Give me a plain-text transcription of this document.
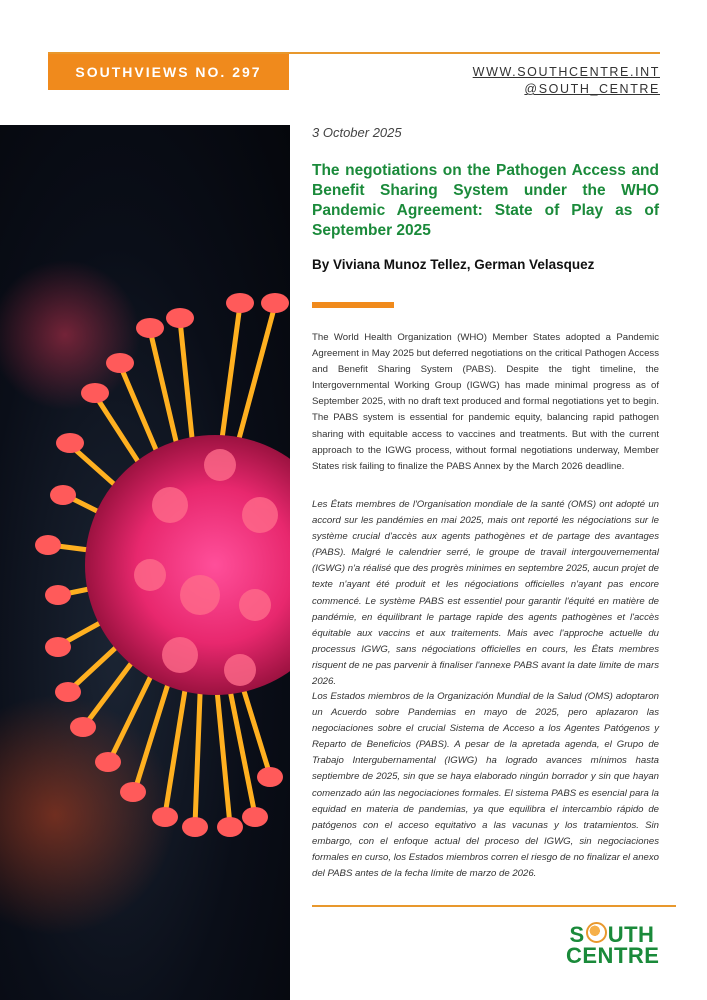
SOUTHVIEWS NO. 297	WWW.SOUTHCENTRE.INT
@SOUTH_CENTRE
3 October 2025
The negotiations on the Pathogen Access and Benefit Sharing System under the WHO Pandemic Agreement: State of Play as of September 2025
By Viviana Munoz Tellez, German Velasquez
The World Health Organization (WHO) Member States adopted a Pandemic Agreement in May 2025 but deferred negotiations on the critical Pathogen Access and Benefit Sharing System (PABS). Despite the tight timeline, the Intergovernmental Working Group (IGWG) has made minimal progress as of September 2025, with no draft text produced and formal negotiations yet to begin. The PABS system is essential for pandemic equity, balancing rapid pathogen sharing with equitable access to vaccines and treatments. But with the current approach to the IGWG process, without formal negotiations underway, Member States risk failing to finalize the PABS Annex by the March 2026 deadline.
Les États membres de l'Organisation mondiale de la santé (OMS) ont adopté un accord sur les pandémies en mai 2025, mais ont reporté les négociations sur le système crucial d'accès aux agents pathogènes et de partage des avantages (PABS). Malgré le calendrier serré, le groupe de travail intergouvernemental (IGWG) n'a réalisé que des progrès minimes en septembre 2025, aucun projet de texte n'ayant été produit et les négociations officielles n'ayant pas encore commencé. Le système PABS est essentiel pour garantir l'équité en matière de pandémie, en équilibrant le partage rapide des agents pathogènes et l'accès équitable aux vaccins et aux traitements. Mais avec l'approche actuelle du processus IGWG, sans négociations officielles en cours, les États membres risquent de ne pas parvenir à finaliser l'annexe PABS avant la date limite de mars 2026.
Los Estados miembros de la Organización Mundial de la Salud (OMS) adoptaron un Acuerdo sobre Pandemias en mayo de 2025, pero aplazaron las negociaciones sobre el crucial Sistema de Acceso a los Agentes Patógenos y Reparto de Beneficios (PABS). A pesar de la apretada agenda, el Grupo de Trabajo Intergubernamental (IGWG) ha logrado avances mínimos hasta septiembre de 2025, sin que se haya elaborado ningún borrador y sin que hayan comenzado aún las negociaciones formales. El sistema PABS es esencial para la equidad en materia de pandemias, ya que equilibra el intercambio rápido de patógenos con el acceso equitativo a las vacunas y los tratamientos. Sin embargo, con el enfoque actual del proceso del IGWG, sin negociaciones formales en curso, los Estados miembros corren el riesgo de no finalizar el anexo del PABS antes de la fecha límite de marzo de 2026.
S UTH
CENTRE
